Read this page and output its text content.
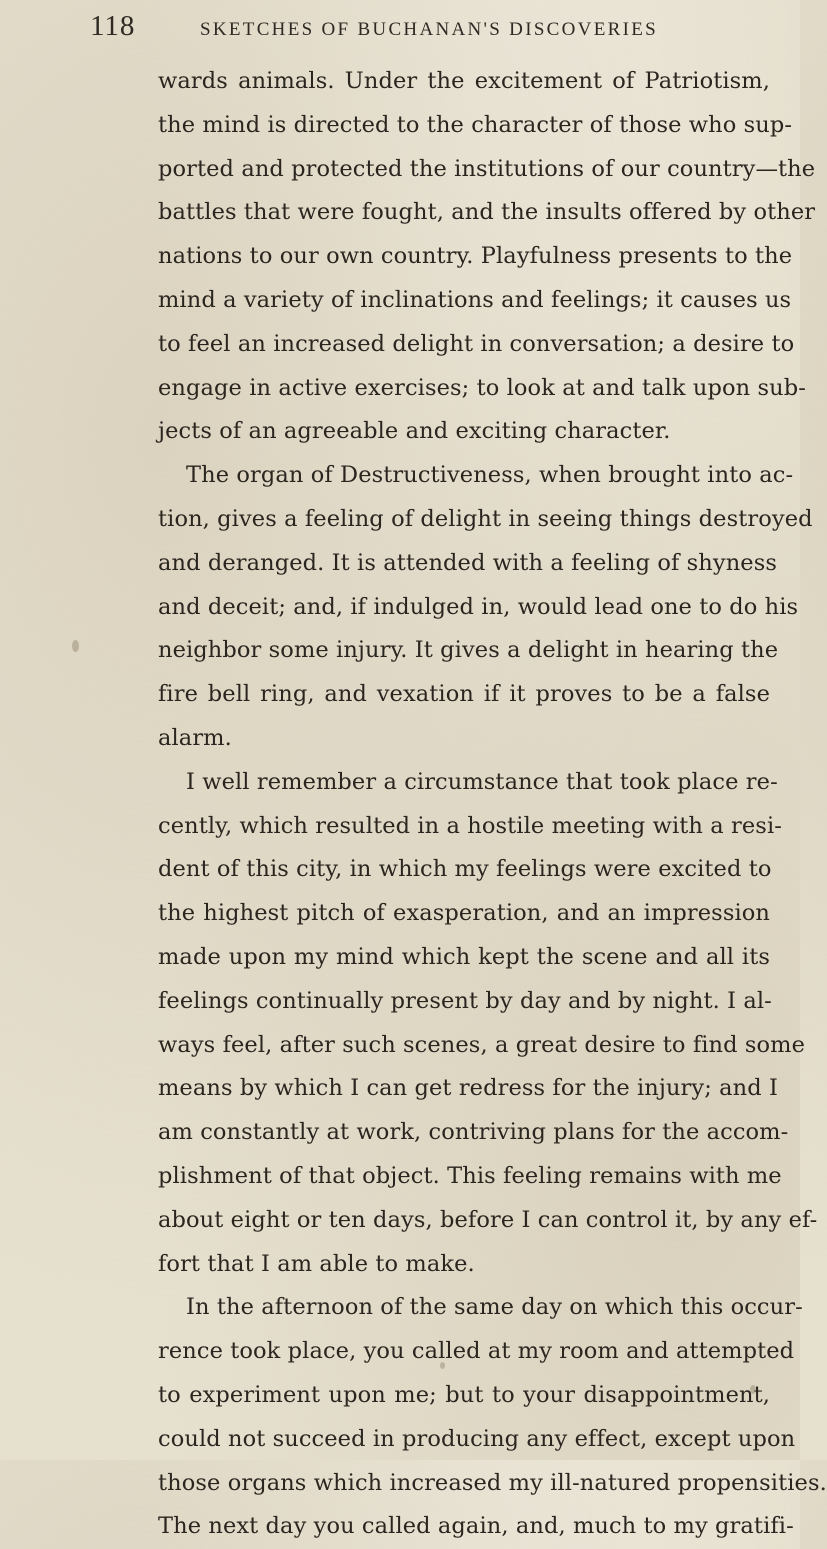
118	SKETCHES OF BUCHANAN'S DISCOVERIES
wards animals. Under the excitement of Patriotism,
the mind is directed to the character of those who sup-
ported and protected the institutions of our country—the
battles that were fought, and the insults offered by other
nations to our own country. Playfulness presents to the
mind a variety of inclinations and feelings; it causes us
to feel an increased delight in conversation; a desire to
engage in active exercises; to look at and talk upon sub-
jects of an agreeable and exciting character.
The organ of Destructiveness, when brought into ac-
tion, gives a feeling of delight in seeing things destroyed
and deranged. It is attended with a feeling of shyness
and deceit; and, if indulged in, would lead one to do his
neighbor some injury. It gives a delight in hearing the
fire bell ring, and vexation if it proves to be a false
alarm.
I well remember a circumstance that took place re-
cently, which resulted in a hostile meeting with a resi-
dent of this city, in which my feelings were excited to
the highest pitch of exasperation, and an impression
made upon my mind which kept the scene and all its
feelings continually present by day and by night. I al-
ways feel, after such scenes, a great desire to find some
means by which I can get redress for the injury; and I
am constantly at work, contriving plans for the accom-
plishment of that object. This feeling remains with me
about eight or ten days, before I can control it, by any ef-
fort that I am able to make.
In the afternoon of the same day on which this occur-
rence took place, you called at my room and attempted
to experiment upon me; but to your disappointment,
could not succeed in producing any effect, except upon
those organs which increased my ill-natured propensities.
The next day you called again, and, much to my gratifi-
